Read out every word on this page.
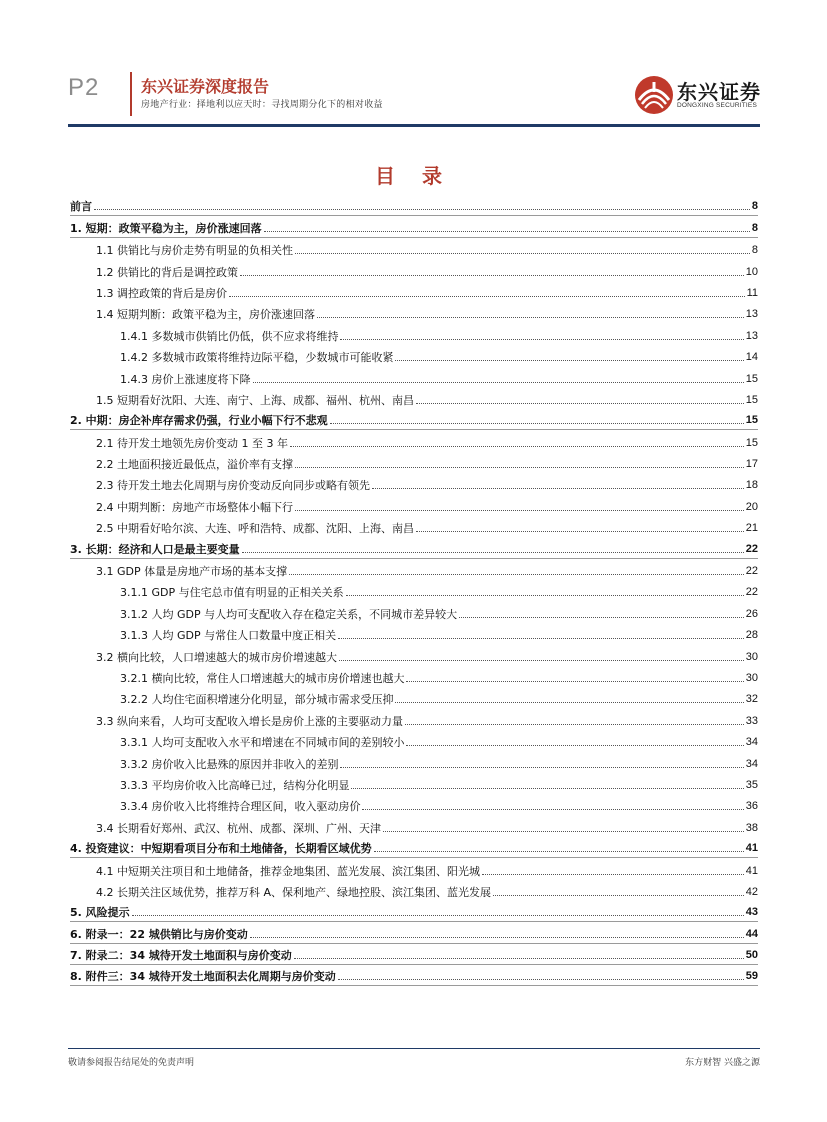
P2	东兴证券深度报告
房地产行业：择地利以应天时：寻找周期分化下的相对收益
东兴证券
DONGXING SECURITIES
目 录
前言	8
1. 短期：政策平稳为主，房价涨速回落	8
1.1 供销比与房价走势有明显的负相关性	8
1.2 供销比的背后是调控政策	10
1.3 调控政策的背后是房价	11
1.4 短期判断：政策平稳为主，房价涨速回落	13
1.4.1 多数城市供销比仍低，供不应求将维持	13
1.4.2 多数城市政策将维持边际平稳，少数城市可能收紧	14
1.4.3 房价上涨速度将下降	15
1.5 短期看好沈阳、大连、南宁、上海、成都、福州、杭州、南昌	15
2. 中期：房企补库存需求仍强，行业小幅下行不悲观	15
2.1 待开发土地领先房价变动 1 至 3 年	15
2.2 土地面积接近最低点，溢价率有支撑	17
2.3 待开发土地去化周期与房价变动反向同步或略有领先	18
2.4 中期判断：房地产市场整体小幅下行	20
2.5 中期看好哈尔滨、大连、呼和浩特、成都、沈阳、上海、南昌	21
3. 长期：经济和人口是最主要变量	22
3.1 GDP 体量是房地产市场的基本支撑	22
3.1.1 GDP 与住宅总市值有明显的正相关关系	22
3.1.2 人均 GDP 与人均可支配收入存在稳定关系，不同城市差异较大	26
3.1.3 人均 GDP 与常住人口数量中度正相关	28
3.2 横向比较，人口增速越大的城市房价增速越大	30
3.2.1 横向比较，常住人口增速越大的城市房价增速也越大	30
3.2.2 人均住宅面积增速分化明显，部分城市需求受压抑	32
3.3 纵向来看，人均可支配收入增长是房价上涨的主要驱动力量	33
3.3.1 人均可支配收入水平和增速在不同城市间的差别较小	34
3.3.2 房价收入比悬殊的原因并非收入的差别	34
3.3.3 平均房价收入比高峰已过，结构分化明显	35
3.3.4 房价收入比将维持合理区间，收入驱动房价	36
3.4 长期看好郑州、武汉、杭州、成都、深圳、广州、天津	38
4. 投资建议：中短期看项目分布和土地储备，长期看区域优势	41
4.1 中短期关注项目和土地储备，推荐金地集团、蓝光发展、滨江集团、阳光城	41
4.2 长期关注区域优势，推荐万科 A、保利地产、绿地控股、滨江集团、蓝光发展	42
5. 风险提示	43
6. 附录一：22 城供销比与房价变动	44
7. 附录二：34 城待开发土地面积与房价变动	50
8. 附件三：34 城待开发土地面积去化周期与房价变动	59
敬请参阅报告结尾处的免责声明	东方财智 兴盛之源
